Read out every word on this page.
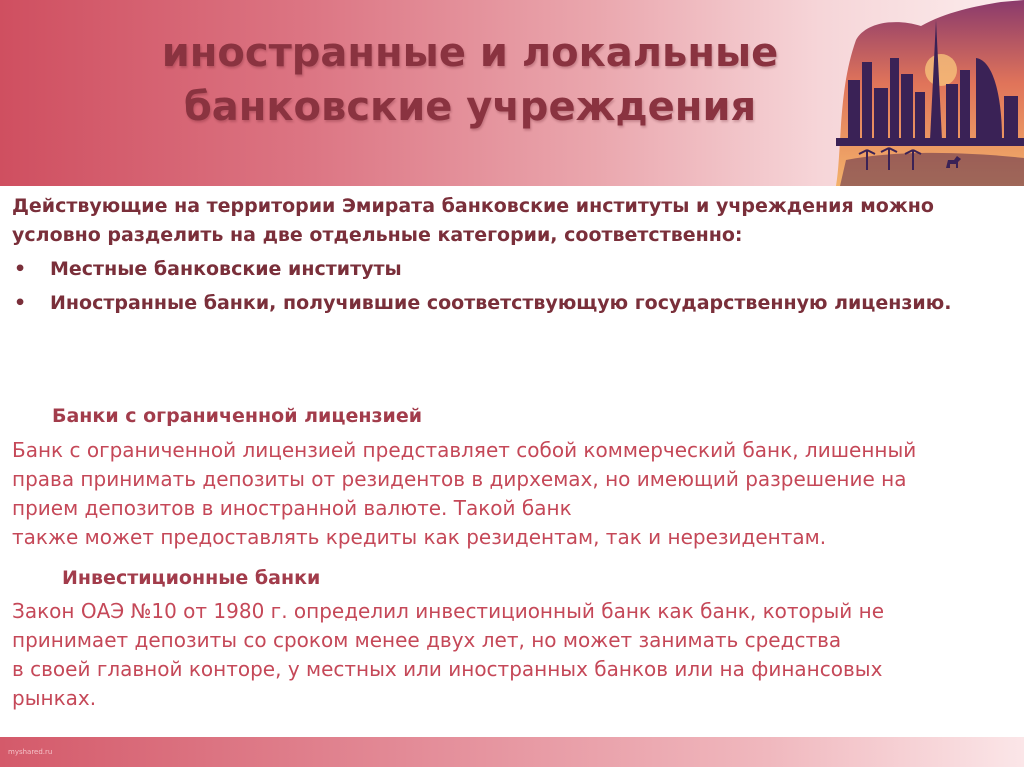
иностранные и локальные
банковские учреждения

Действующие на территории Эмирата банковские институты и учреждения можно условно разделить на две отдельные категории, соответственно:

• Местные банковские институты
• Иностранные банки, получившие соответствующую государственную лицензию.
Банки с ограниченной лицензией

Банк с ограниченной лицензией представляет собой коммерческий банк, лишенный

права принимать депозиты от резидентов в дирхемах, но имеющий разрешение на

прием депозитов в иностранной валюте. Такой банк

также может предоставлять кредиты как резидентам, так и нерезидентам.

Инвестиционные банки

Закон ОАЭ №10 от 1980 г. определил инвестиционный банк как банк, который не

принимает депозиты со сроком менее двух лет, но может занимать средства

в своей главной конторе, у местных или иностранных банков или на финансовых

рынках.

myshared.ru
